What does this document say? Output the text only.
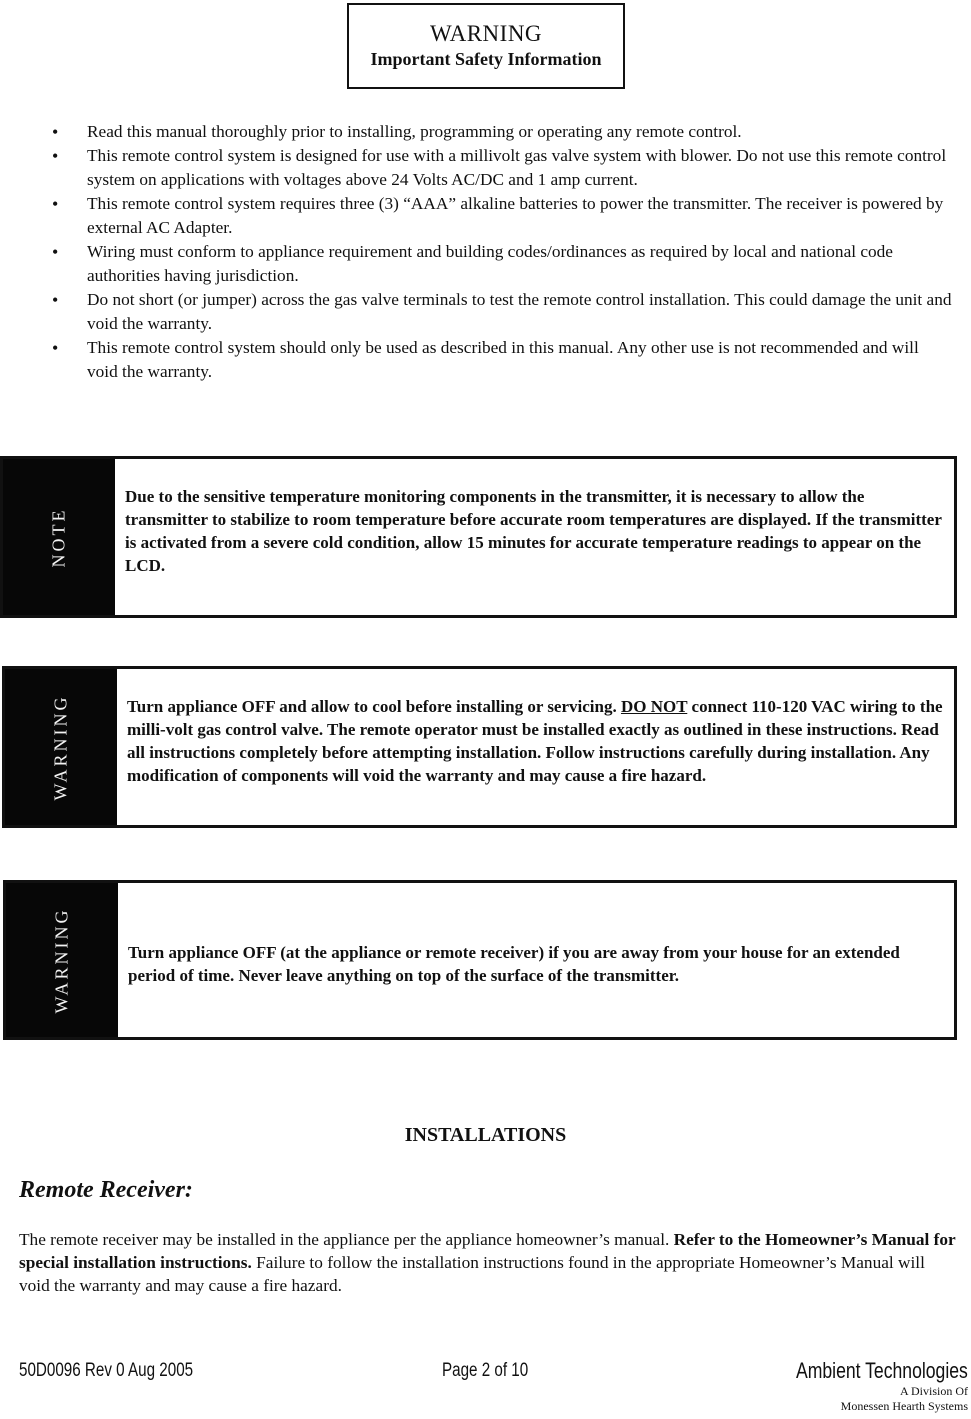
WARNING
Important Safety Information
• Read this manual thoroughly prior to installing, programming or operating any remote control.
• This remote control system is designed for use with a millivolt gas valve system with blower. Do not use this remote control system on applications with voltages above 24 Volts AC/DC and 1 amp current.
• This remote control system requires three (3) “AAA” alkaline batteries to power the transmitter. The receiver is powered by external AC Adapter.
• Wiring must conform to appliance requirement and building codes/ordinances as required by local and national code authorities having jurisdiction.
• Do not short (or jumper) across the gas valve terminals to test the remote control installation. This could damage the unit and void the warranty.
• This remote control system should only be used as described in this manual. Any other use is not recommended and will void the warranty.
NOTE
Due to the sensitive temperature monitoring components in the transmitter, it is necessary to allow the transmitter to stabilize to room temperature before accurate room temperatures are displayed. If the transmitter is activated from a severe cold condition, allow 15 minutes for accurate temperature readings to appear on the LCD.
WARNING	Turn appliance OFF and allow to cool before installing or servicing. DO NOT connect 110-120 VAC wiring to the milli-volt gas control valve. The remote operator must be installed exactly as outlined in these instructions. Read all instructions completely before attempting installation. Follow instructions carefully during installation. Any modification of components will void the warranty and may cause a fire hazard.
WARNING	Turn appliance OFF (at the appliance or remote receiver) if you are away from your house for an extended period of time. Never leave anything on top of the surface of the transmitter.
INSTALLATIONS
Remote Receiver:
The remote receiver may be installed in the appliance per the appliance homeowner’s manual. Refer to the Homeowner’s Manual for special installation instructions. Failure to follow the installation instructions found in the appropriate Homeowner’s Manual will void the warranty and may cause a fire hazard.
50D0096 Rev 0 Aug 2005	Page 2 of 10	Ambient Technologies
A Division Of
Monessen Hearth Systems
